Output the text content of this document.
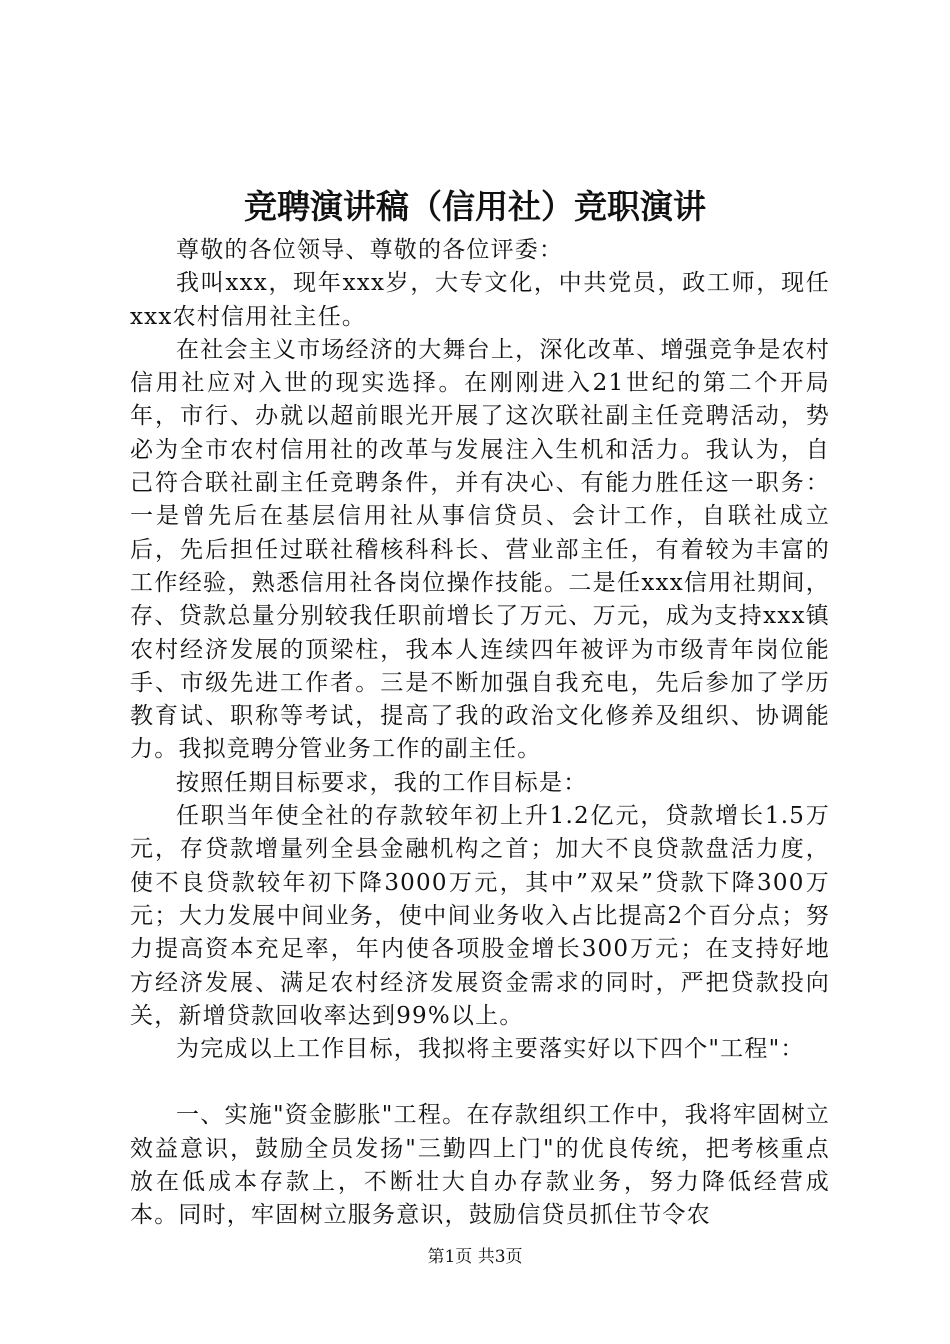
竞聘演讲稿（信用社）竞职演讲

尊敬的各位领导、尊敬的各位评委：

我叫xxx，现年xxx岁，大专文化，中共党员，政工师，现任xxx农村信用社主任。

在社会主义市场经济的大舞台上，深化改革、增强竞争是农村信用社应对入世的现实选择。在刚刚进入21世纪的第二个开局年，市行、办就以超前眼光开展了这次联社副主任竞聘活动，势必为全市农村信用社的改革与发展注入生机和活力。我认为，自己符合联社副主任竞聘条件，并有决心、有能力胜任这一职务：一是曾先后在基层信用社从事信贷员、会计工作，自联社成立后，先后担任过联社稽核科科长、营业部主任，有着较为丰富的工作经验，熟悉信用社各岗位操作技能。二是任xxx信用社期间，存、贷款总量分别较我任职前增长了万元、万元，成为支持xxx镇农村经济发展的顶梁柱，我本人连续四年被评为市级青年岗位能手、市级先进工作者。三是不断加强自我充电，先后参加了学历教育试、职称等考试，提高了我的政治文化修养及组织、协调能力。我拟竞聘分管业务工作的副主任。

按照任期目标要求，我的工作目标是：

任职当年使全社的存款较年初上升1.2亿元，贷款增长1.5万元，存贷款增量列全县金融机构之首；加大不良贷款盘活力度，使不良贷款较年初下降3000万元，其中”双呆”贷款下降300万元；大力发展中间业务，使中间业务收入占比提高2个百分点；努力提高资本充足率，年内使各项股金增长300万元；在支持好地方经济发展、满足农村经济发展资金需求的同时，严把贷款投向关，新增贷款回收率达到99%以上。

为完成以上工作目标，我拟将主要落实好以下四个"工程"：

一、实施"资金膨胀"工程。在存款组织工作中，我将牢固树立效益意识，鼓励全员发扬"三勤四上门"的优良传统，把考核重点放在低成本存款上，不断壮大自办存款业务，努力降低经营成本。同时，牢固树立服务意识，鼓励信贷员抓住节令农

第1页 共3页
